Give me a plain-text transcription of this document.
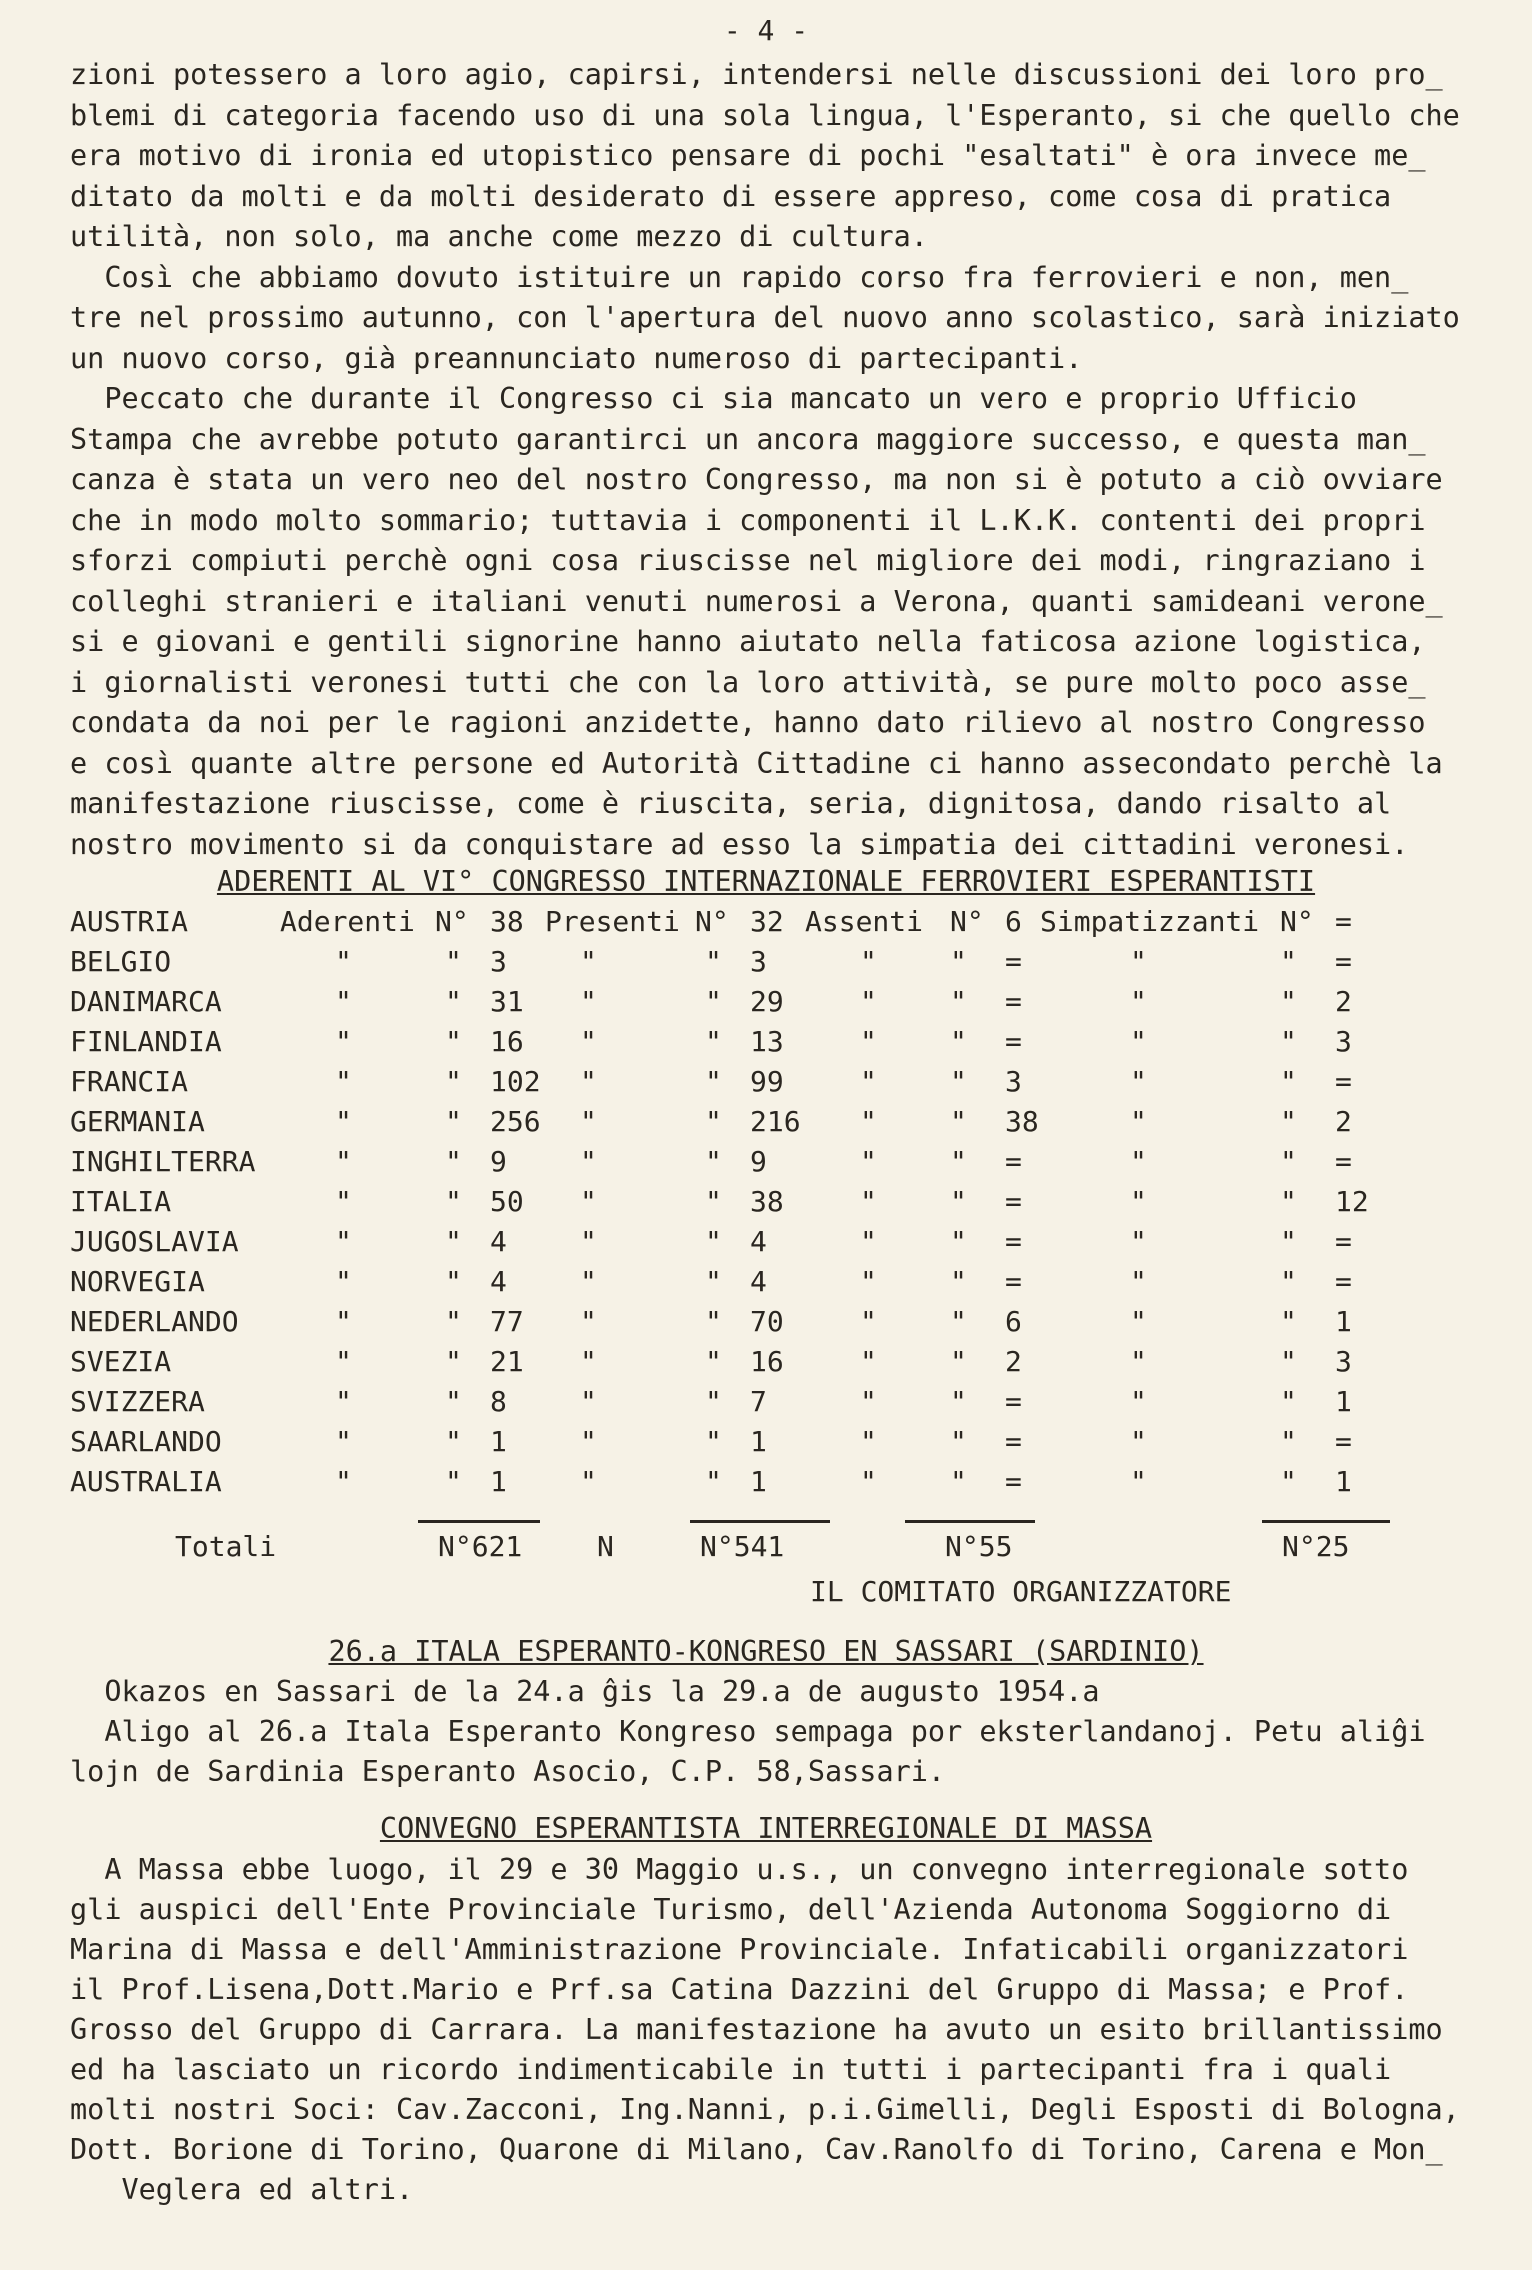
- 4 -
zioni potessero a loro agio, capirsi, intendersi nelle discussioni dei loro pro_
blemi di categoria facendo uso di una sola lingua, l'Esperanto, si che quello che
era motivo di ironia ed utopistico pensare di pochi "esaltati" è ora invece me_
ditato da molti e da molti desiderato di essere appreso, come cosa di pratica
utilità, non solo, ma anche come mezzo di cultura.
Così che abbiamo dovuto istituire un rapido corso fra ferrovieri e non, men_
tre nel prossimo autunno, con l'apertura del nuovo anno scolastico, sarà iniziato
un nuovo corso, già preannunciato numeroso di partecipanti.
Peccato che durante il Congresso ci sia mancato un vero e proprio Ufficio
Stampa che avrebbe potuto garantirci un ancora maggiore successo, e questa man_
canza è stata un vero neo del nostro Congresso, ma non si è potuto a ciò ovviare
che in modo molto sommario; tuttavia i componenti il L.K.K. contenti dei propri
sforzi compiuti perchè ogni cosa riuscisse nel migliore dei modi, ringraziano i
colleghi stranieri e italiani venuti numerosi a Verona, quanti samideani verone_
si e giovani e gentili signorine hanno aiutato nella faticosa azione logistica,
i giornalisti veronesi tutti che con la loro attività, se pure molto poco asse_
condata da noi per le ragioni anzidette, hanno dato rilievo al nostro Congresso
e così quante altre persone ed Autorità Cittadine ci hanno assecondato perchè la
manifestazione riuscisse, come è riuscita, seria, dignitosa, dando risalto al
nostro movimento si da conquistare ad esso la simpatia dei cittadini veronesi.
ADERENTI AL VI° CONGRESSO INTERNAZIONALE FERROVIERI ESPERANTISTI
AUSTRIA	Aderenti N° 38 Presenti N° 32 Assenti N° 6 Simpatizzanti N° =
BELGIO	"	" 3	"	" 3	"	" =	"	" =
DANIMARCA	"	" 31 "	" 29	"	" =	"	" 2
FINLANDIA	"	" 16 "	" 13	"	" =	"	" 3
FRANCIA	"	" 102 "	" 99	"	" 3	"	" =
GERMANIA	"	" 256 "	" 216 "	" 38	"	" 2
INGHILTERRA	"	" 9	"	" 9	"	" =	"	" =
ITALIA	"	" 50 "	" 38	"	" =	"	" 12
JUGOSLAVIA	"	" 4	"	" 4	"	" =	"	" =
NORVEGIA	"	" 4	"	" 4	"	" =	"	" =
NEDERLANDO	"	" 77 "	" 70	"	" 6	"	" 1
SVEZIA	"	" 21 "	" 16	"	" 2	"	" 3
SVIZZERA	"	" 8	"	" 7	"	" =	"	" 1
SAARLANDO	"	" 1	"	" 1	"	" =	"	" =
AUSTRALIA	"	" 1	"	" 1	"	" =	"	" 1
Totali	N°621	N	N°541	N°55	N°25
IL COMITATO ORGANIZZATORE
26.a ITALA ESPERANTO-KONGRESO EN SASSARI (SARDINIO)
Okazos en Sassari de la 24.a ĝis la 29.a de augusto 1954.a
Aligo al 26.a Itala Esperanto Kongreso sempaga por eksterlandanoj. Petu aliĝi
lojn de Sardinia Esperanto Asocio, C.P. 58,Sassari.
CONVEGNO ESPERANTISTA INTERREGIONALE DI MASSA
A Massa ebbe luogo, il 29 e 30 Maggio u.s., un convegno interregionale sotto
gli auspici dell'Ente Provinciale Turismo, dell'Azienda Autonoma Soggiorno di
Marina di Massa e dell'Amministrazione Provinciale. Infaticabili organizzatori
il Prof.Lisena,Dott.Mario e Prf.sa Catina Dazzini del Gruppo di Massa; e Prof.
Grosso del Gruppo di Carrara. La manifestazione ha avuto un esito brillantissimo
ed ha lasciato un ricordo indimenticabile in tutti i partecipanti fra i quali
molti nostri Soci: Cav.Zacconi, Ing.Nanni, p.i.Gimelli, Degli Esposti di Bologna,
Dott. Borione di Torino, Quarone di Milano, Cav.Ranolfo di Torino, Carena e Mon_
Veglera ed altri.
